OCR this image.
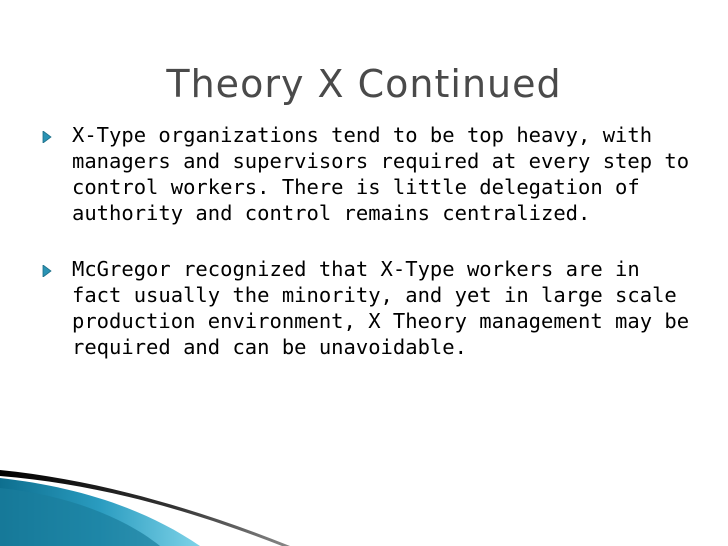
Theory X Continued
X-Type organizations tend to be top heavy, with managers and supervisors required at every step to control workers. There is little delegation of authority and control remains centralized.
McGregor recognized that X-Type workers are in fact usually the minority, and yet in large scale production environment, X Theory management may be required and can be unavoidable.
